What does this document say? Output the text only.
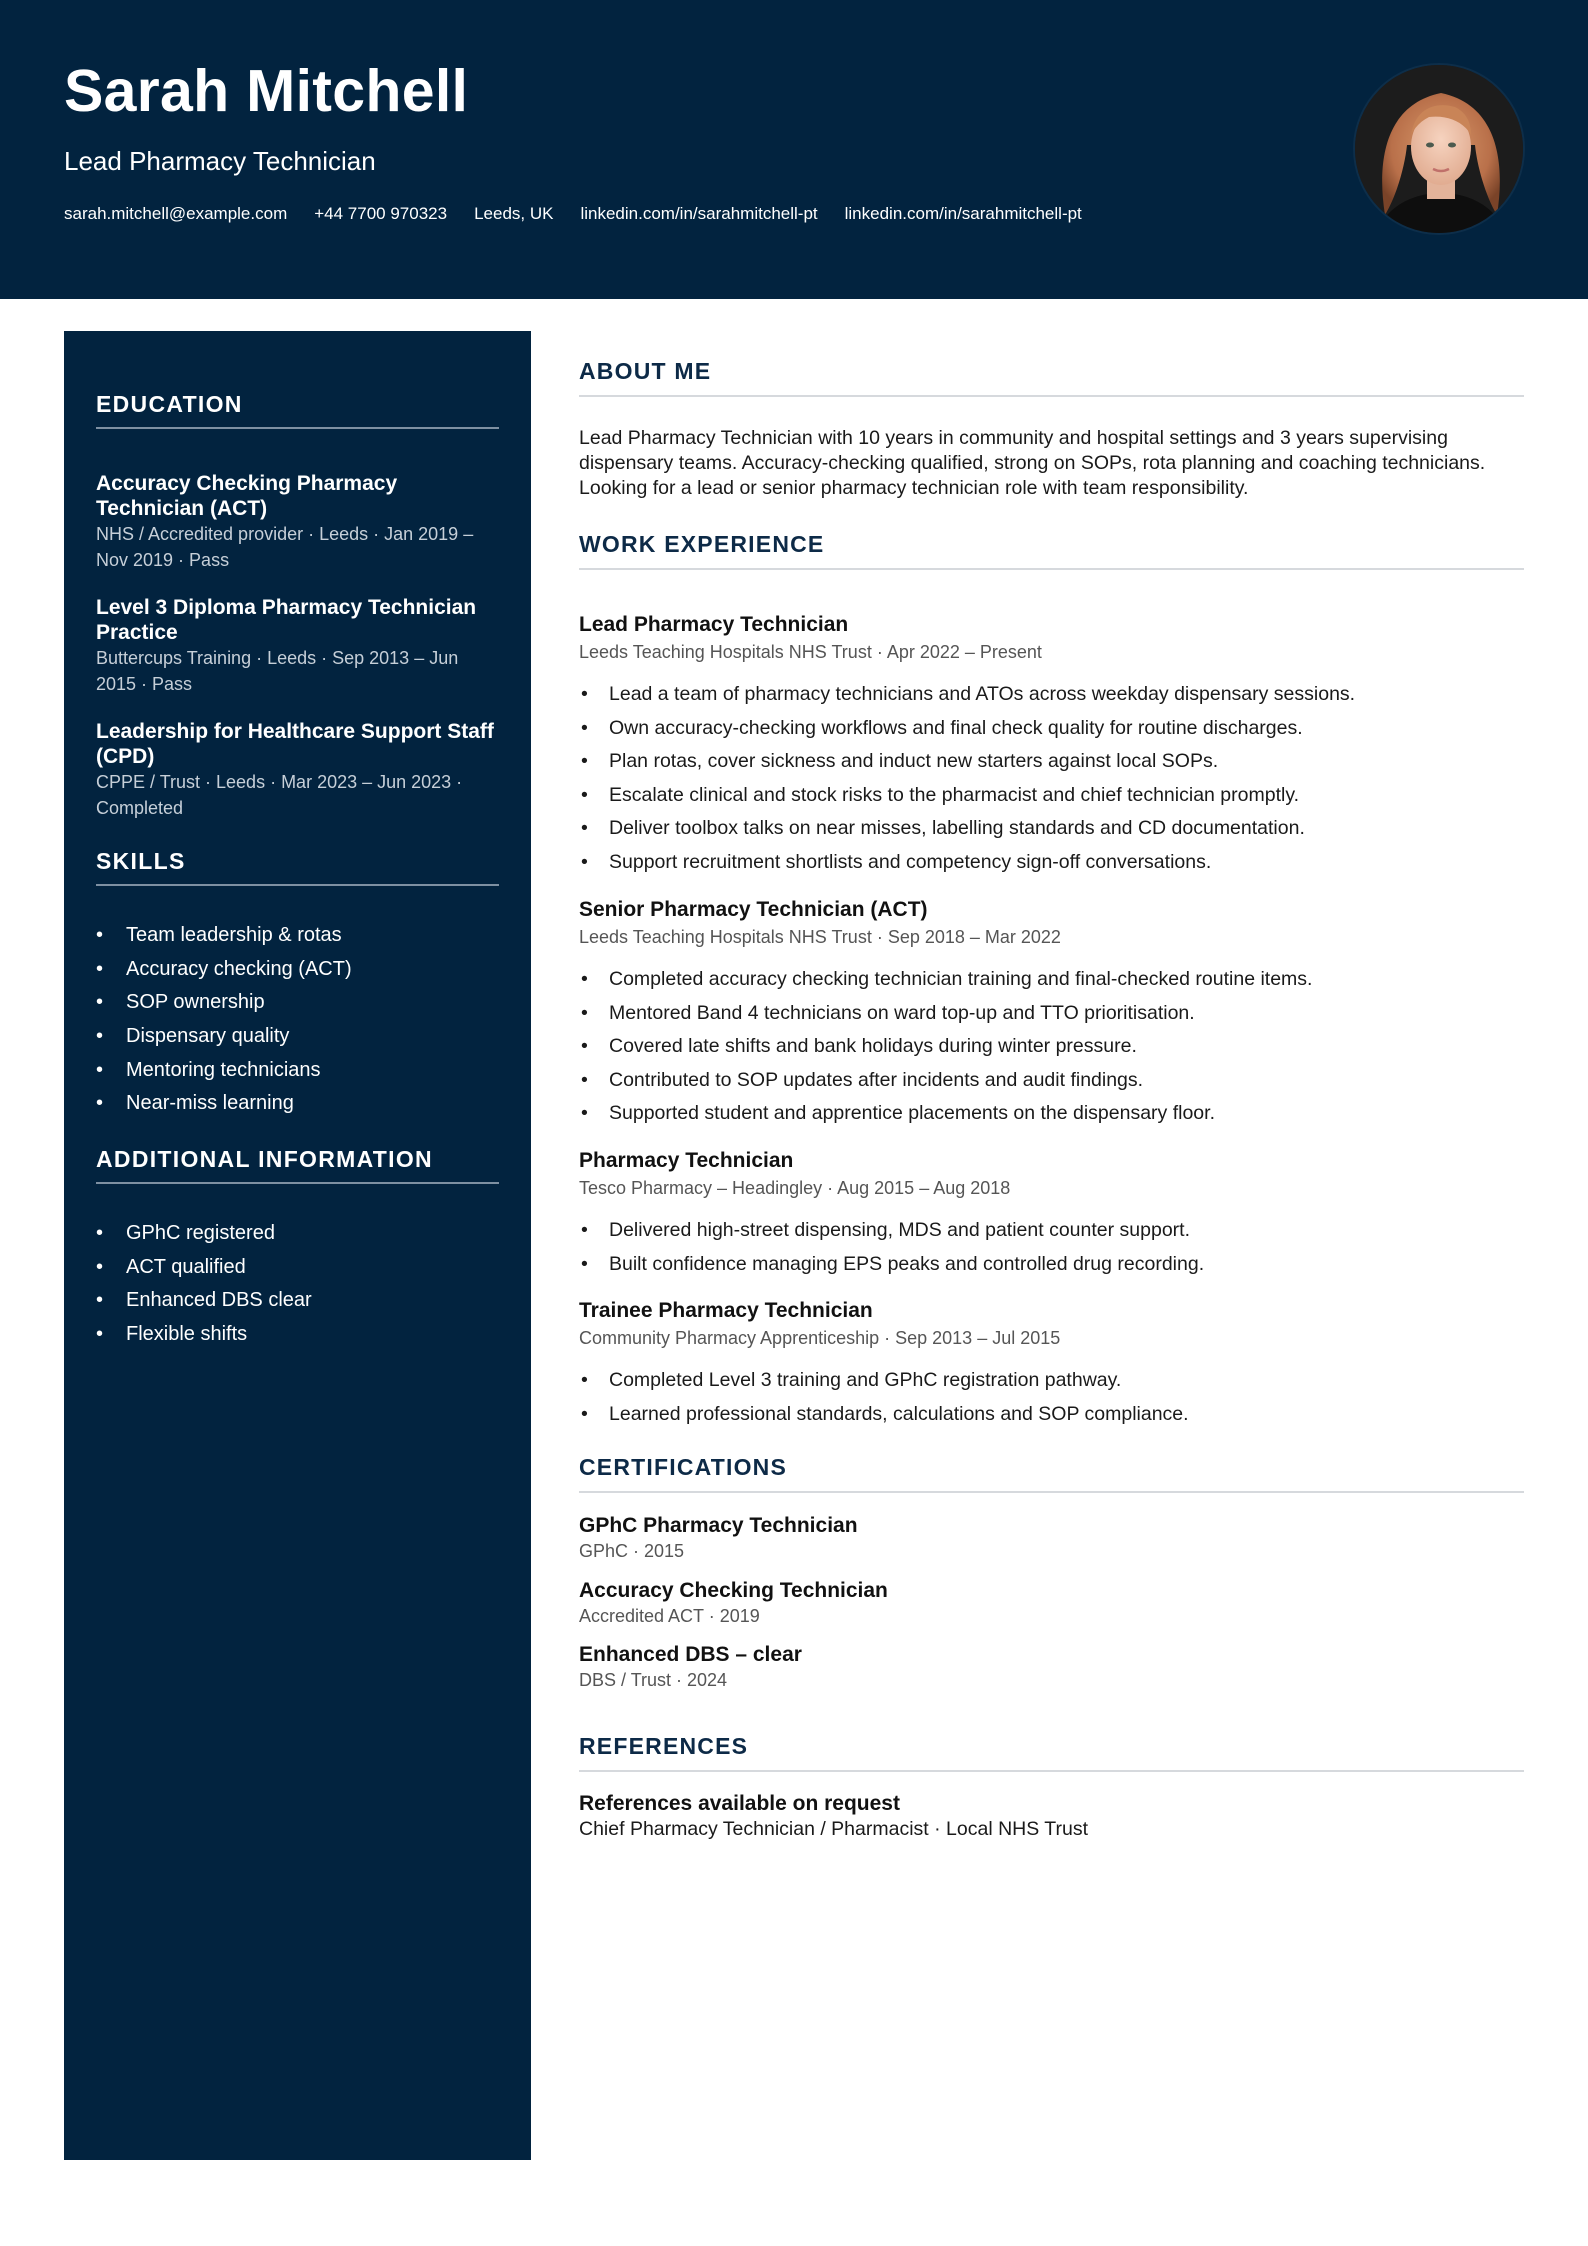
Sarah Mitchell
Lead Pharmacy Technician
sarah.mitchell@example.com +44 7700 970323 Leeds, UK linkedin.com/in/sarahmitchell-pt linkedin.com/in/sarahmitchell-pt
EDUCATION
Accuracy Checking Pharmacy Technician (ACT)
NHS / Accredited provider · Leeds · Jan 2019 – Nov 2019 · Pass
Level 3 Diploma Pharmacy Technician Practice
Buttercups Training · Leeds · Sep 2013 – Jun 2015 · Pass
Leadership for Healthcare Support Staff (CPD)
CPPE / Trust · Leeds · Mar 2023 – Jun 2023 · Completed
SKILLS
• Team leadership & rotas
• Accuracy checking (ACT)
• SOP ownership
• Dispensary quality
• Mentoring technicians
• Near-miss learning
ADDITIONAL INFORMATION
• GPhC registered
• ACT qualified
• Enhanced DBS clear
• Flexible shifts
ABOUT ME
Lead Pharmacy Technician with 10 years in community and hospital settings and 3 years supervising dispensary teams. Accuracy-checking qualified, strong on SOPs, rota planning and coaching technicians. Looking for a lead or senior pharmacy technician role with team responsibility.
WORK EXPERIENCE
Lead Pharmacy Technician
Leeds Teaching Hospitals NHS Trust · Apr 2022 – Present
• Lead a team of pharmacy technicians and ATOs across weekday dispensary sessions.
• Own accuracy-checking workflows and final check quality for routine discharges.
• Plan rotas, cover sickness and induct new starters against local SOPs.
• Escalate clinical and stock risks to the pharmacist and chief technician promptly.
• Deliver toolbox talks on near misses, labelling standards and CD documentation.
• Support recruitment shortlists and competency sign-off conversations.
Senior Pharmacy Technician (ACT)
Leeds Teaching Hospitals NHS Trust · Sep 2018 – Mar 2022
• Completed accuracy checking technician training and final-checked routine items.
• Mentored Band 4 technicians on ward top-up and TTO prioritisation.
• Covered late shifts and bank holidays during winter pressure.
• Contributed to SOP updates after incidents and audit findings.
• Supported student and apprentice placements on the dispensary floor.
Pharmacy Technician
Tesco Pharmacy – Headingley · Aug 2015 – Aug 2018
• Delivered high-street dispensing, MDS and patient counter support.
• Built confidence managing EPS peaks and controlled drug recording.
Trainee Pharmacy Technician
Community Pharmacy Apprenticeship · Sep 2013 – Jul 2015
• Completed Level 3 training and GPhC registration pathway.
• Learned professional standards, calculations and SOP compliance.
CERTIFICATIONS
GPhC Pharmacy Technician
GPhC · 2015
Accuracy Checking Technician
Accredited ACT · 2019
Enhanced DBS – clear
DBS / Trust · 2024
REFERENCES
References available on request
Chief Pharmacy Technician / Pharmacist · Local NHS Trust
